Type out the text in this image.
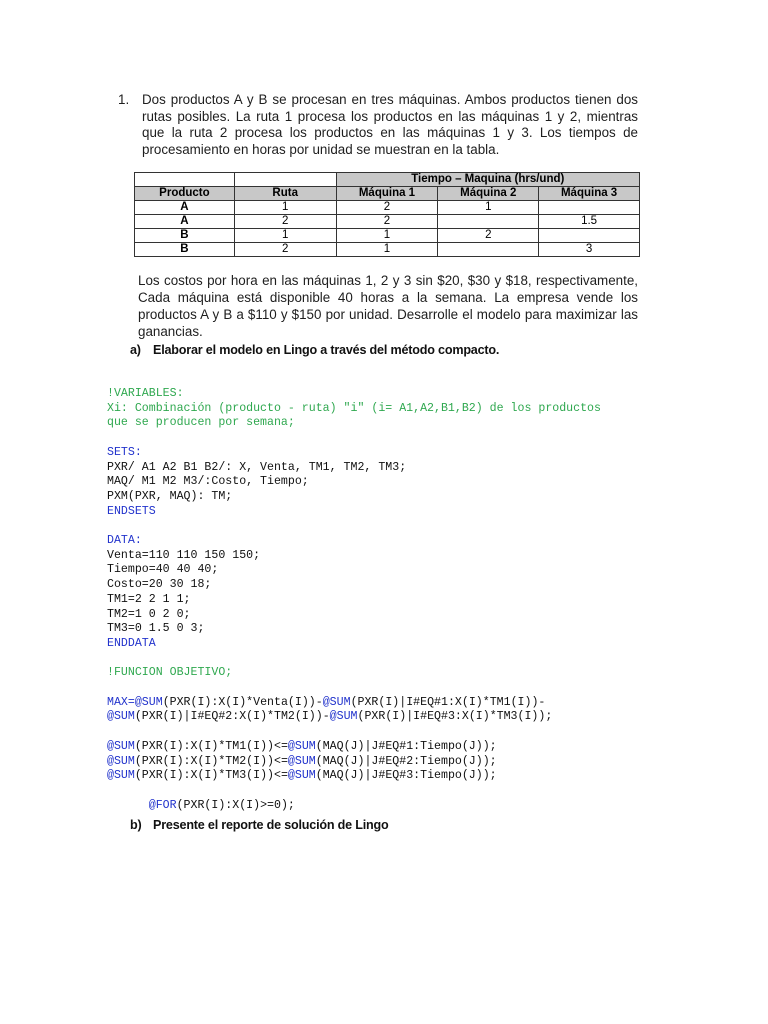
1. Dos productos A y B se procesan en tres máquinas. Ambos productos tienen dos rutas posibles. La ruta 1 procesa los productos en las máquinas 1 y 2, mientras que la ruta 2 procesa los productos en las máquinas 1 y 3. Los tiempos de procesamiento en horas por unidad se muestran en la tabla.
		Tiempo – Maquina (hrs/und)		
Producto	Ruta	Máquina 1	Máquina 2	Máquina 3
A	1	2	1	
A	2	2		1.5
B	1	1	2	
B	2	1		3
Los costos por hora en las máquinas 1, 2 y 3 sin $20, $30 y $18, respectivamente, Cada máquina está disponible 40 horas a la semana. La empresa vende los productos A y B a $110 y $150 por unidad. Desarrolle el modelo para maximizar las ganancias.
a) Elaborar el modelo en Lingo a través del método compacto.
!VARIABLES:
Xi: Combinación (producto - ruta) "i" (i= A1,A2,B1,B2) de los productos
que se producen por semana;

SETS:
PXR/ A1 A2 B1 B2/: X, Venta, TM1, TM2, TM3;
MAQ/ M1 M2 M3/:Costo, Tiempo;
PXM(PXR, MAQ): TM;
ENDSETS

DATA:
Venta=110 110 150 150;
Tiempo=40 40 40;
Costo=20 30 18;
TM1=2 2 1 1;
TM2=1 0 2 0;
TM3=0 1.5 0 3;
ENDDATA

!FUNCION OBJETIVO;

MAX=@SUM(PXR(I):X(I)*Venta(I))-@SUM(PXR(I)|I#EQ#1:X(I)*TM1(I))-
@SUM(PXR(I)|I#EQ#2:X(I)*TM2(I))-@SUM(PXR(I)|I#EQ#3:X(I)*TM3(I));

@SUM(PXR(I):X(I)*TM1(I))<=@SUM(MAQ(J)|J#EQ#1:Tiempo(J));
@SUM(PXR(I):X(I)*TM2(I))<=@SUM(MAQ(J)|J#EQ#2:Tiempo(J));
@SUM(PXR(I):X(I)*TM3(I))<=@SUM(MAQ(J)|J#EQ#3:Tiempo(J));

@FOR(PXR(I):X(I)>=0);
b) Presente el reporte de solución de Lingo
